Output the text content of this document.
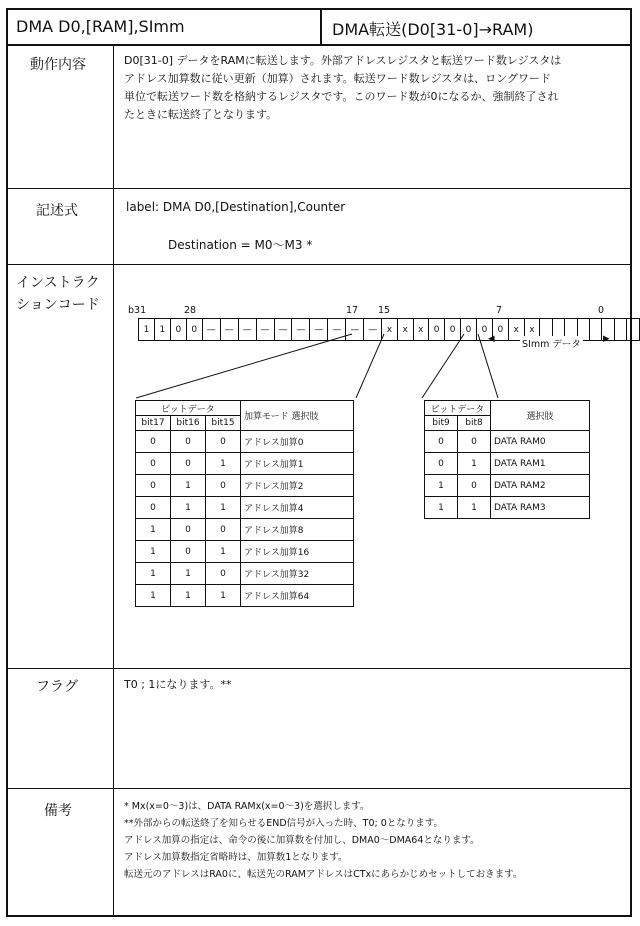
DMA D0,[RAM],SImm	DMA転送(D0[31-0]→RAM)
動作内容	D0[31-0] データをRAMに転送します。外部アドレスレジスタと転送ワード数レジスタは
アドレス加算数に従い更新（加算）されます。転送ワード数レジスタは、ロングワード
単位で転送ワード数を格納するレジスタです。このワード数が0になるか、強制終了され
たときに転送終了となります。
記述式	label: DMA D0,[Destination],Counter
Destination = M0〜M3 *
インストラク
ションコード	b31	28	17 15	7	0
1	1	0	0	—	—	—	—	—	—	—	—	—	—	x	x	x	0	0	0	0	0	x	x								
◀	▶
SImm データ
ビットデータ			加算モード 選択肢
bit17	bit16	bit15	
0	0	0	アドレス加算0
0	0	1	アドレス加算1
0	1	0	アドレス加算2
0	1	1	アドレス加算4
1	0	0	アドレス加算8
1	0	1	アドレス加算16
1	1	0	アドレス加算32
1	1	1	アドレス加算64
ビットデータ		選択肢
bit9	bit8	
0	0	DATA RAM0
0	1	DATA RAM1
1	0	DATA RAM2
1	1	DATA RAM3
フラグ	T0 ; 1になります。**
備考	* Mx(x=0〜3)は、DATA RAMx(x=0〜3)を選択します。
**外部からの転送終了を知らせるEND信号が入った時、T0; 0となります。
アドレス加算の指定は、命令の後に加算数を付加し、DMA0〜DMA64となります。
アドレス加算数指定省略時は、加算数1となります。
転送元のアドレスはRA0に、転送先のRAMアドレスはCTxにあらかじめセットしておきます。
